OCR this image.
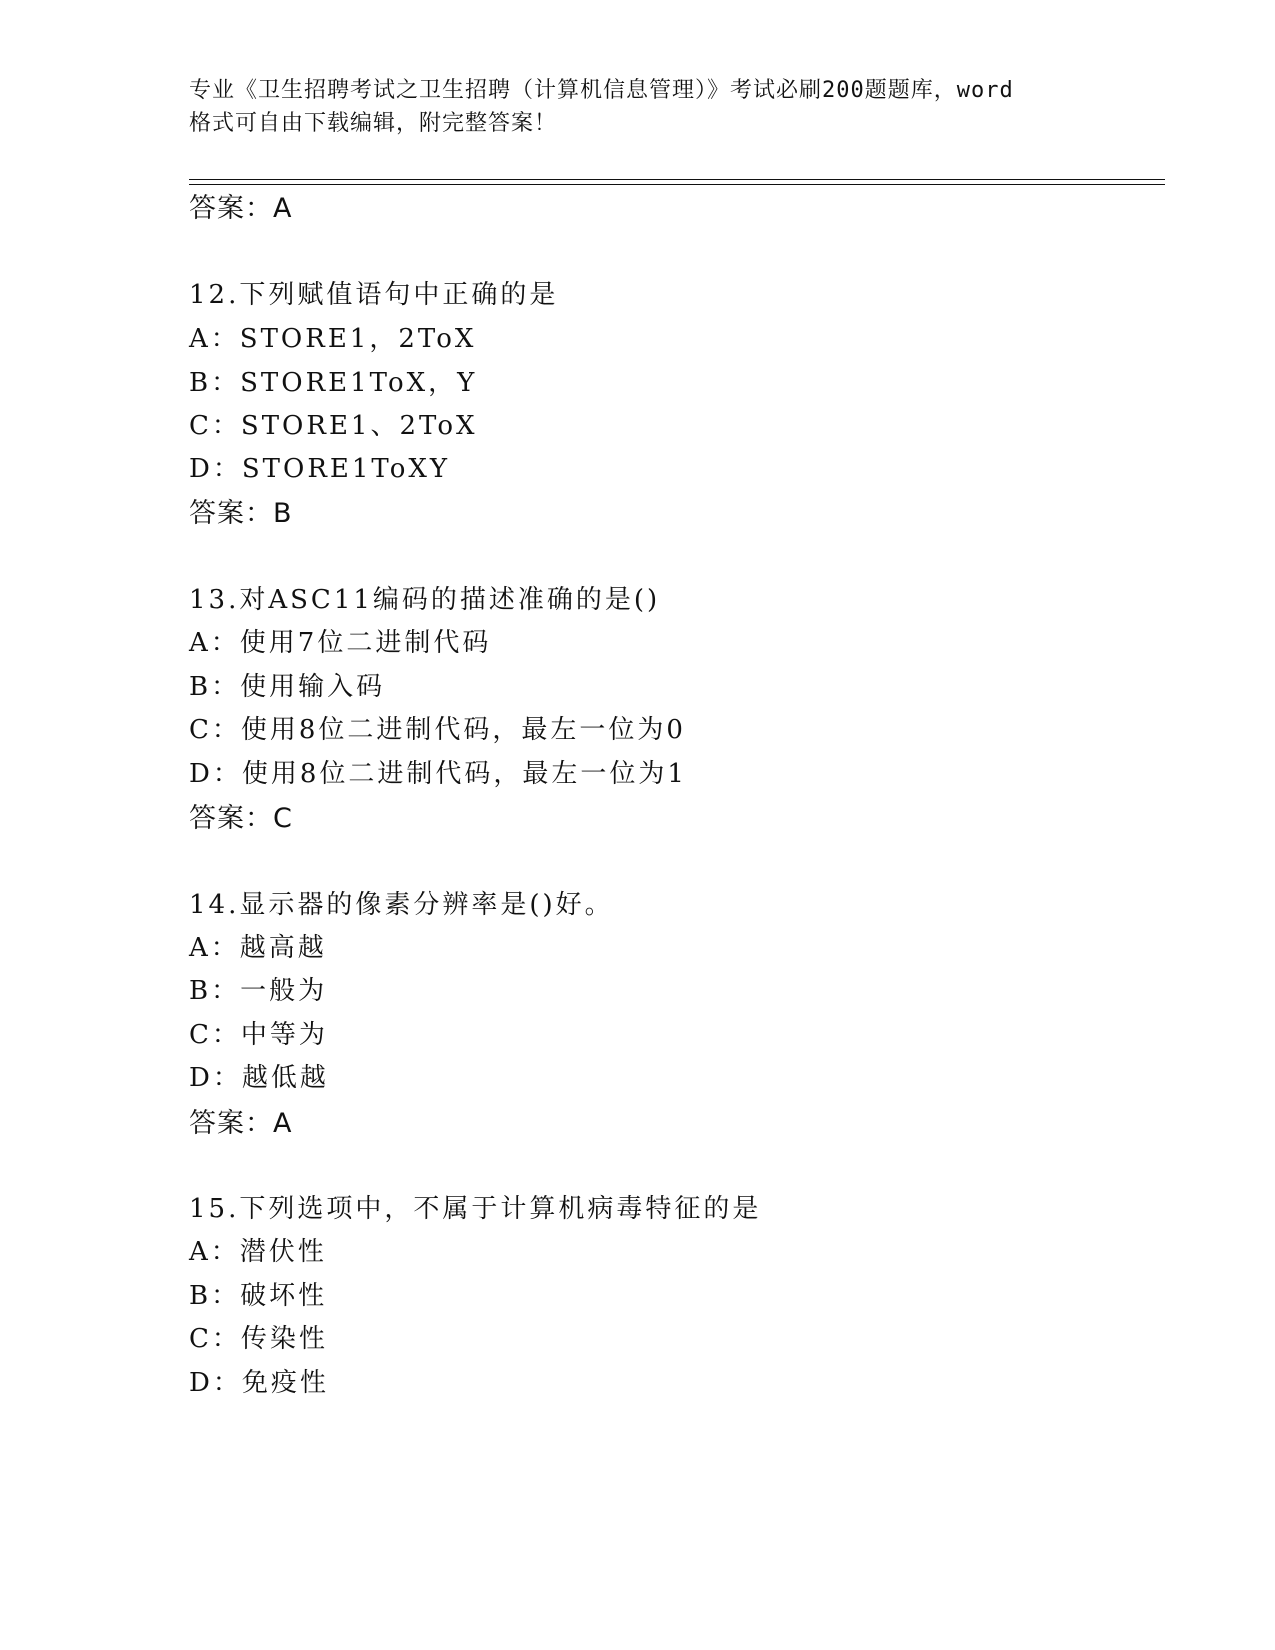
专业《卫生招聘考试之卫生招聘（计算机信息管理）》考试必刷200题题库，word
格式可自由下载编辑，附完整答案！
答案：A
12.下列赋值语句中正确的是
A：STORE1，2ToX
B：STORE1ToX，Y
C：STORE1、2ToX
D：STORE1ToXY
答案：B
13.对ASC11编码的描述准确的是()
A：使用7位二进制代码
B：使用输入码
C：使用8位二进制代码，最左一位为0
D：使用8位二进制代码，最左一位为1
答案：C
14.显示器的像素分辨率是()好。
A：越高越
B：一般为
C：中等为
D：越低越
答案：A
15.下列选项中，不属于计算机病毒特征的是
A：潜伏性
B：破坏性
C：传染性
D：免疫性
